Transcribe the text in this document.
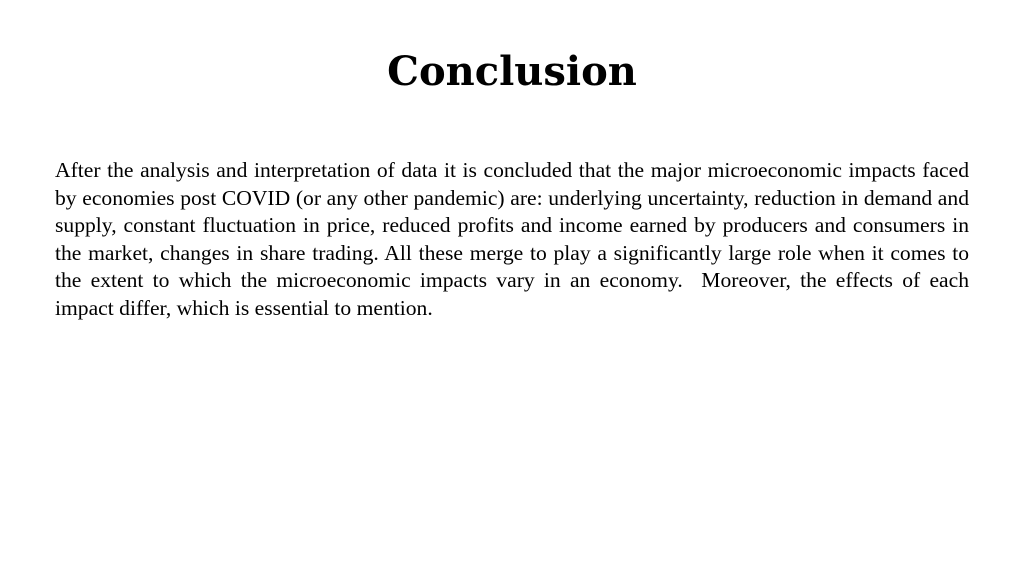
Conclusion

After the analysis and interpretation of data it is concluded that the major microeconomic impacts faced by economies post COVID (or any other pandemic) are: underlying uncertainty, reduction in demand and supply, constant fluctuation in price, reduced profits and income earned by producers and consumers in the market, changes in share trading. All these merge to play a significantly large role when it comes to the extent to which the microeconomic impacts vary in an economy.  Moreover, the effects of each impact differ, which is essential to mention.
